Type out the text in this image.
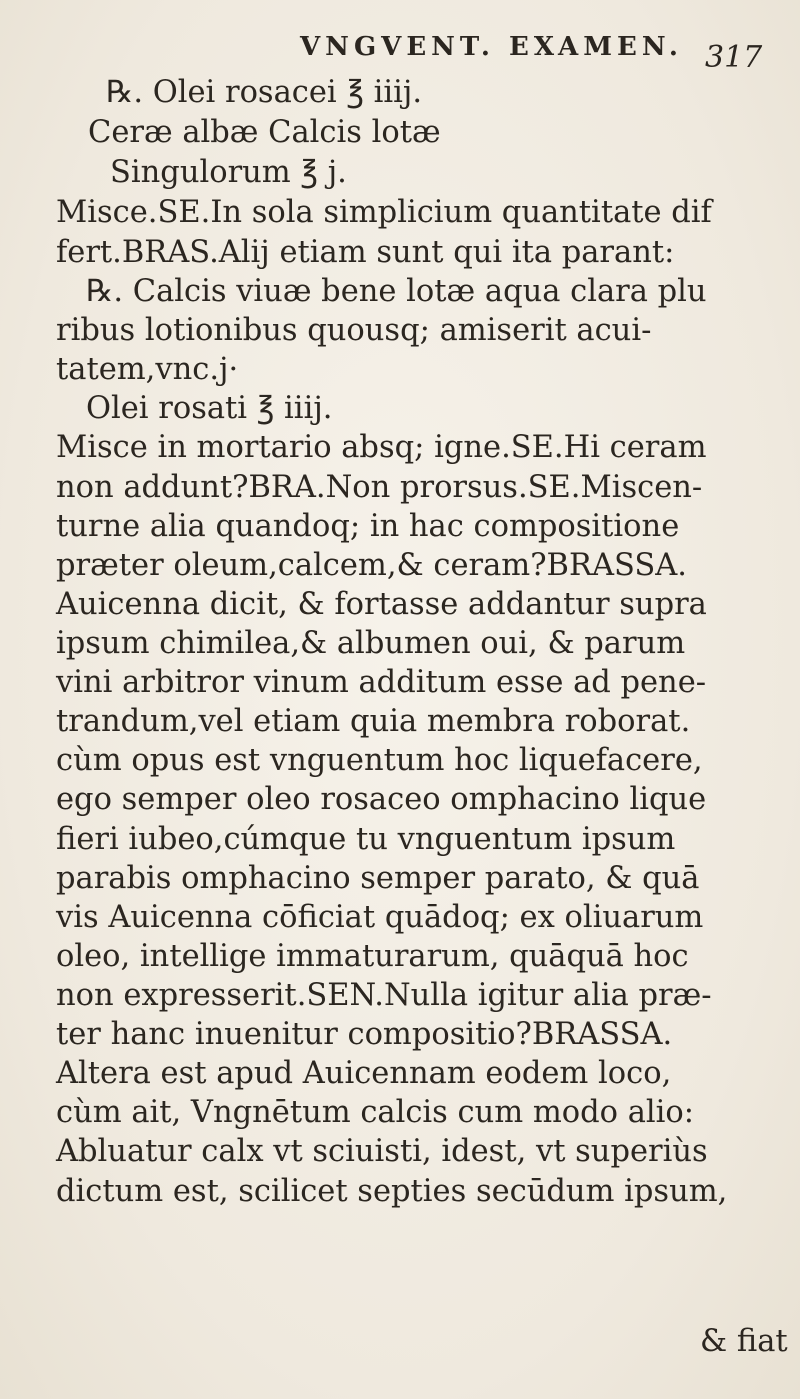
VNGVENT. EXAMEN. 317
℞. Olei rosacei ℥ iiij.
Ceræ albæ Calcis lotæ
Singulorum ℥ j.
Misce.SE.In sola simplicium quantitate dif
fert.BRAS.Alij etiam sunt qui ita parant:
℞. Calcis viuæ bene lotæ aqua clara plu
ribus lotionibus quousq; amiserit acui-
tatem,vnc.j·
Olei rosati ℥ iiij.
Misce in mortario absq; igne.SE.Hi ceram
non addunt?BRA.Non prorsus.SE.Miscen-
turne alia quandoq; in hac compositione
præter oleum,calcem,& ceram?BRASSA.
Auicenna dicit, & fortasse addantur supra
ipsum chimilea,& albumen oui, & parum
vini arbitror vinum additum esse ad pene-
trandum,vel etiam quia membra roborat.
cùm opus est vnguentum hoc liquefacere,
ego semper oleo rosaceo omphacino lique
fieri iubeo,cúmque tu vnguentum ipsum
parabis omphacino semper parato, & quā
vis Auicenna cōficiat quādoq; ex oliuarum
oleo, intellige immaturarum, quāquā hoc
non expresserit.SEN.Nulla igitur alia præ-
ter hanc inuenitur compositio?BRASSA.
Altera est apud Auicennam eodem loco,
cùm ait, Vngnētum calcis cum modo alio:
Abluatur calx vt sciuisti, idest, vt superiùs
dictum est, scilicet septies secūdum ipsum,
& fiat
